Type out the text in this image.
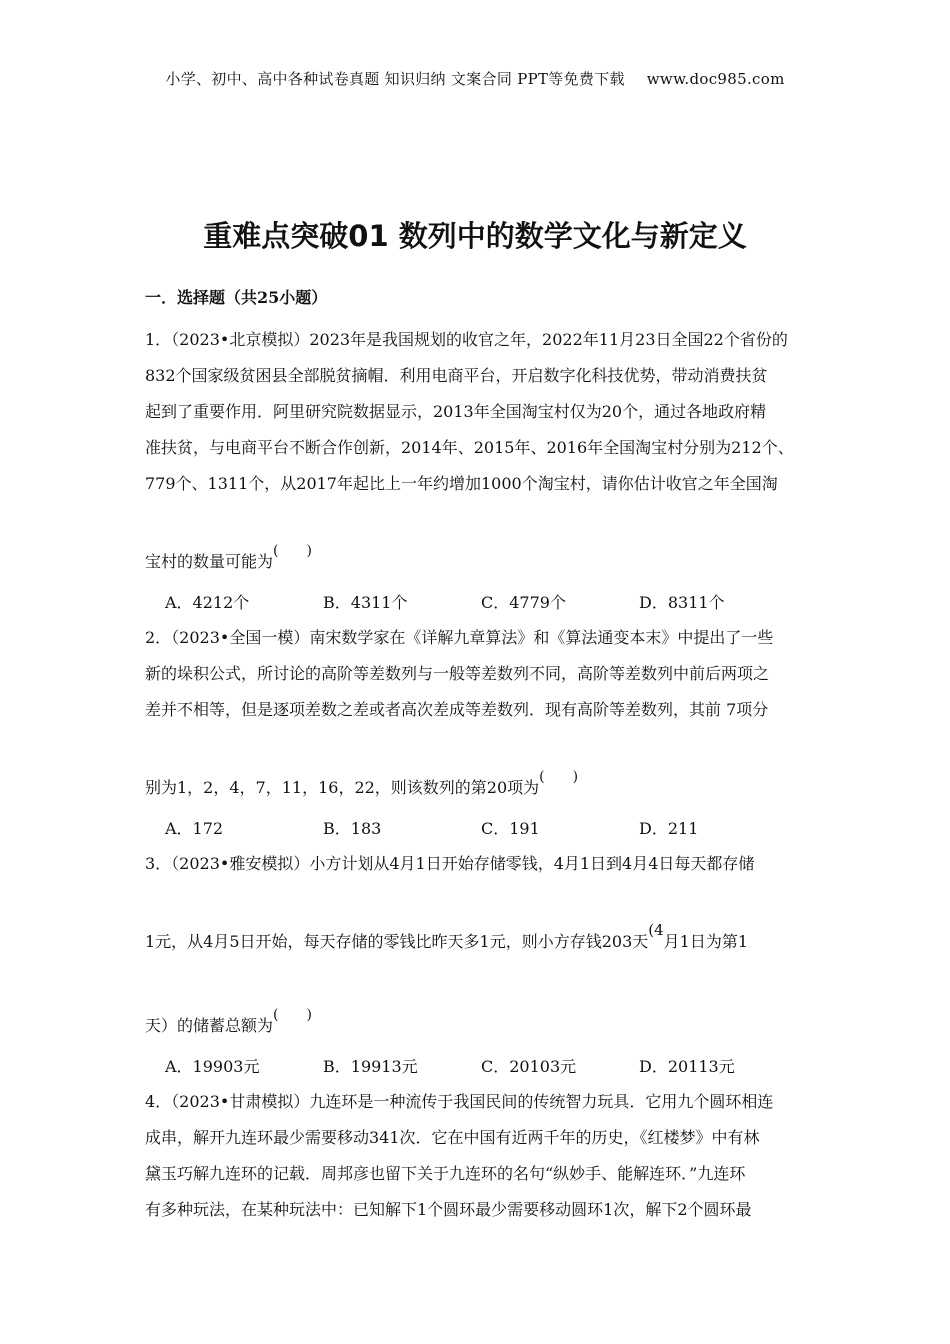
小学、初中、高中各种试卷真题 知识归纳 文案合同 PPT等免费下载 www.doc985.com
重难点突破01 数列中的数学文化与新定义
一．选择题（共25小题）
1．（2023•北京模拟）2023年是我国规划的收官之年，2022年11月23日全国22个省份的
832个国家级贫困县全部脱贫摘帽．利用电商平台，开启数字化科技优势，带动消费扶贫
起到了重要作用．阿里研究院数据显示，2013年全国淘宝村仅为20个，通过各地政府精
准扶贫，与电商平台不断合作创新，2014年、2015年、2016年全国淘宝村分别为212个、
779个、1311个，从2017年起比上一年约增加1000个淘宝村，请你估计收官之年全国淘
宝村的数量可能为(　　)
A．4212个	B．4311个	C．4779个	D．8311个
2．（2023•全国一模）南宋数学家在《详解九章算法》和《算法通变本末》中提出了一些
新的垛积公式，所讨论的高阶等差数列与一般等差数列不同，高阶等差数列中前后两项之
差并不相等，但是逐项差数之差或者高次差成等差数列．现有高阶等差数列，其前 7项分
别为1，2，4，7，11，16，22，则该数列的第20项为(　　)
A．172	B．183	C．191	D．211
3．（2023•雅安模拟）小方计划从4月1日开始存储零钱，4月1日到4月4日每天都存储
1元，从4月5日开始，每天存储的零钱比昨天多1元，则小方存钱203天(4月1日为第1
天）的储蓄总额为(　　)
A．19903元	B．19913元	C．20103元	D．20113元
4．（2023•甘肃模拟）九连环是一种流传于我国民间的传统智力玩具．它用九个圆环相连
成串，解开九连环最少需要移动341次．它在中国有近两千年的历史，《红楼梦》中有林
黛玉巧解九连环的记载．周邦彦也留下关于九连环的名句“纵妙手、能解连环．”九连环
有多种玩法，在某种玩法中：已知解下1个圆环最少需要移动圆环1次，解下2个圆环最
